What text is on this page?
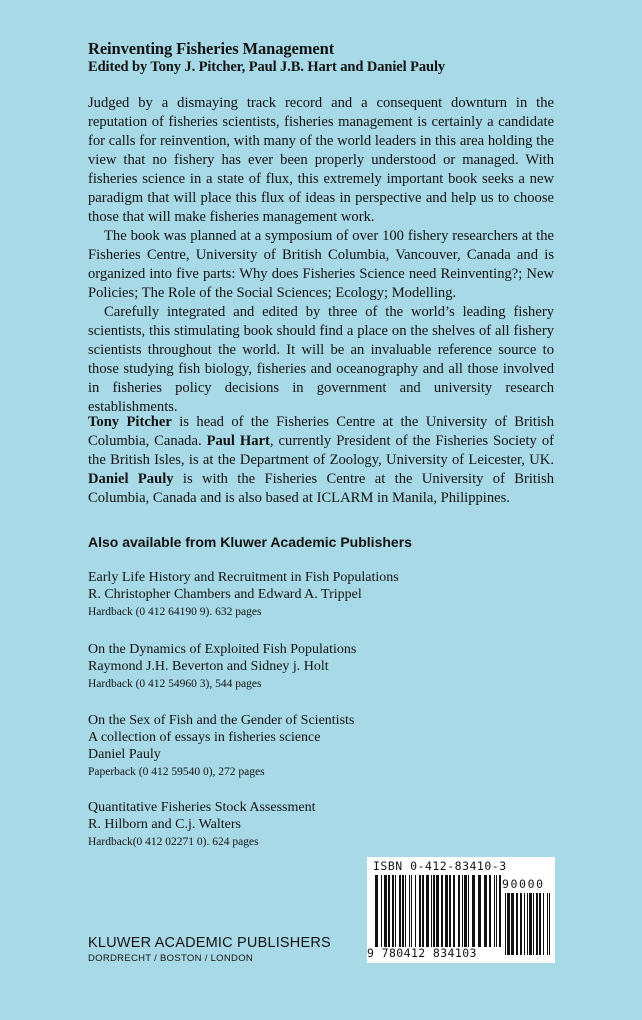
Reinventing Fisheries Management
Edited by Tony J. Pitcher, Paul J.B. Hart and Daniel Pauly

Judged by a dismaying track record and a consequent downturn in the reputation of fisheries scientists, fisheries management is certainly a candidate for calls for reinvention, with many of the world leaders in this area holding the view that no fishery has ever been properly understood or managed. With fisheries science in a state of flux, this extremely important book seeks a new paradigm that will place this flux of ideas in perspective and help us to choose those that will make fisheries management work.

The book was planned at a symposium of over 100 fishery researchers at the Fisheries Centre, University of British Columbia, Vancouver, Canada and is organized into five parts: Why does Fisheries Science need Reinventing?; New Policies; The Role of the Social Sciences; Ecology; Modelling.

Carefully integrated and edited by three of the world’s leading fishery scientists, this stimulating book should find a place on the shelves of all fishery scientists throughout the world. It will be an invaluable reference source to those studying fish biology, fisheries and oceanography and all those involved in fisheries policy decisions in government and university research establishments.

Tony Pitcher is head of the Fisheries Centre at the University of British Columbia, Canada. Paul Hart, currently President of the Fisheries Society of the British Isles, is at the Department of Zoology, University of Leicester, UK. Daniel Pauly is with the Fisheries Centre at the University of British Columbia, Canada and is also based at ICLARM in Manila, Philippines.

Also available from Kluwer Academic Publishers
Early Life History and Recruitment in Fish Populations
R. Christopher Chambers and Edward A. Trippel
Hardback (0 412 64190 9). 632 pages
On the Dynamics of Exploited Fish Populations
Raymond J.H. Beverton and Sidney j. Holt
Hardback (0 412 54960 3), 544 pages
On the Sex of Fish and the Gender of Scientists
A collection of essays in fisheries science
Daniel Pauly
Paperback (0 412 59540 0), 272 pages
Quantitative Fisheries Stock Assessment
R. Hilborn and C.j. Walters
Hardback(0 412 02271 0). 624 pages
ISBN 0-412-83410-3
90000
9 780412 834103
KLUWER ACADEMIC PUBLISHERS
DORDRECHT / BOSTON / LONDON
